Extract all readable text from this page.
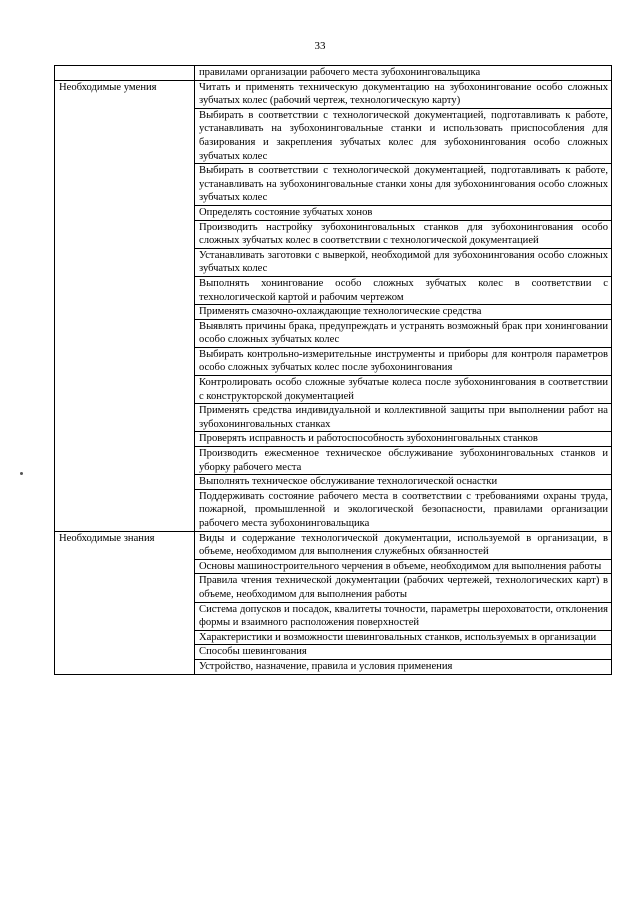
33
	правилами организации рабочего места зубохонинговальщика
Необходимые умения	Читать и применять техническую документацию на зубохонингование особо сложных зубчатых колес (рабочий чертеж, технологическую карту)
	Выбирать в соответствии с технологической документацией, подготавливать к работе, устанавливать на зубохонинговальные станки и использовать приспособления для базирования и закрепления зубчатых колес для зубохонингования особо сложных зубчатых колес
	Выбирать в соответствии с технологической документацией, подготавливать к работе, устанавливать на зубохонинговальные станки хоны для зубохонингования особо сложных зубчатых колес
	Определять состояние зубчатых хонов
	Производить настройку зубохонинговальных станков для зубохонингования особо сложных зубчатых колес в соответствии с технологической документацией
	Устанавливать заготовки с выверкой, необходимой для зубохонингования особо сложных зубчатых колес
	Выполнять хонингование особо сложных зубчатых колес в соответствии с технологической картой и рабочим чертежом
	Применять смазочно-охлаждающие технологические средства
	Выявлять причины брака, предупреждать и устранять возможный брак при хонинговании особо сложных зубчатых колес
	Выбирать контрольно-измерительные инструменты и приборы для контроля параметров особо сложных зубчатых колес после зубохонингования
	Контролировать особо сложные зубчатые колеса после зубохонингования в соответствии с конструкторской документацией
	Применять средства индивидуальной и коллективной защиты при выполнении работ на зубохонинговальных станках
	Проверять исправность и работоспособность зубохонинговальных станков
	Производить ежесменное техническое обслуживание зубохонинговальных станков и уборку рабочего места
	Выполнять техническое обслуживание технологической оснастки
	Поддерживать состояние рабочего места в соответствии с требованиями охраны труда, пожарной, промышленной и экологической безопасности, правилами организации рабочего места зубохонинговальщика
Необходимые знания	Виды и содержание технологической документации, используемой в организации, в объеме, необходимом для выполнения служебных обязанностей
	Основы машиностроительного черчения в объеме, необходимом для выполнения работы
	Правила чтения технической документации (рабочих чертежей, технологических карт) в объеме, необходимом для выполнения работы
	Система допусков и посадок, квалитеты точности, параметры шероховатости, отклонения формы и взаимного расположения поверхностей
	Характеристики и возможности шевинговальных станков, используемых в организации
	Способы шевингования
	Устройство, назначение, правила и условия применения
